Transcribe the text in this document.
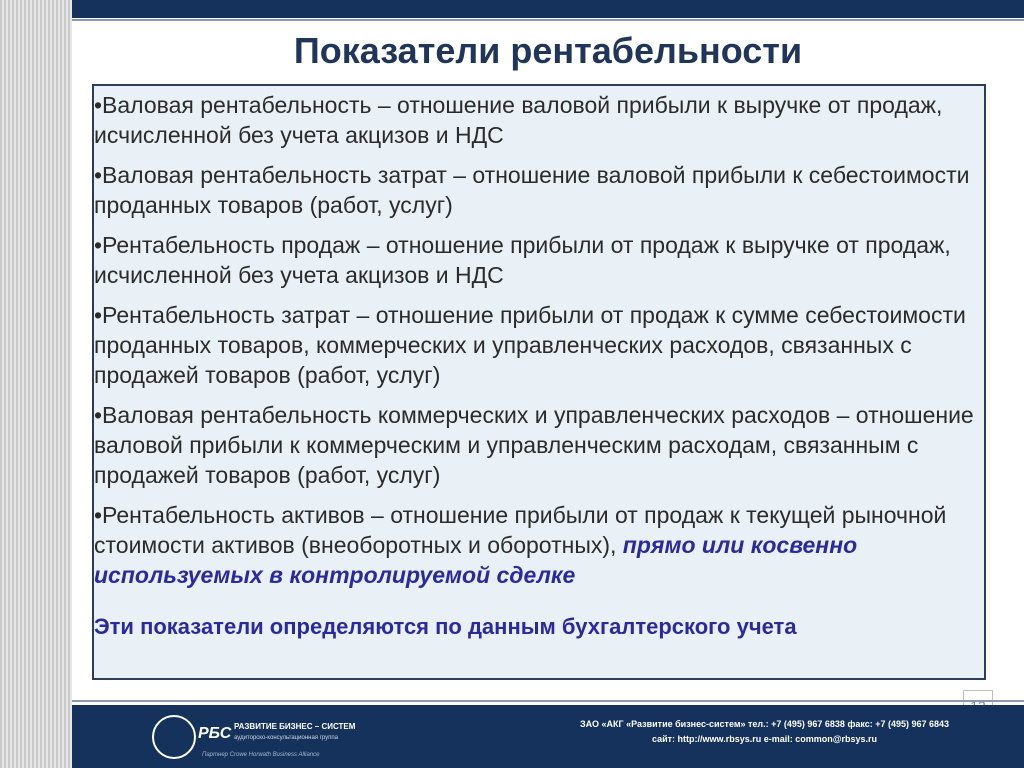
Показатели рентабельности
•Валовая рентабельность – отношение валовой прибыли к выручке от продаж, исчисленной без учета акцизов и НДС
•Валовая рентабельность затрат – отношение валовой прибыли к себестоимости проданных товаров (работ, услуг)
•Рентабельность продаж – отношение прибыли от продаж к выручке от продаж, исчисленной без учета акцизов и НДС
•Рентабельность затрат – отношение прибыли от продаж к сумме себестоимости проданных товаров, коммерческих и управленческих расходов, связанных с продажей товаров (работ, услуг)
•Валовая рентабельность коммерческих и управленческих расходов – отношение валовой прибыли к коммерческим и управленческим расходам, связанным с продажей товаров (работ, услуг)
•Рентабельность активов – отношение прибыли от продаж к текущей рыночной стоимости активов (внеоборотных и оборотных), прямо или косвенно используемых в контролируемой сделке
Эти показатели определяются по данным бухгалтерского учета
РБС РАЗВИТИЕ БИЗНЕС – СИСТЕМ
аудиторско-консультационная группа
Партнер Crowe Horwath Business Alliance
ЗАО «АКГ «Развитие бизнес-систем» тел.: +7 (495) 967 6838 факс: +7 (495) 967 6843
сайт: http://www.rbsys.ru e-mail: common@rbsys.ru
